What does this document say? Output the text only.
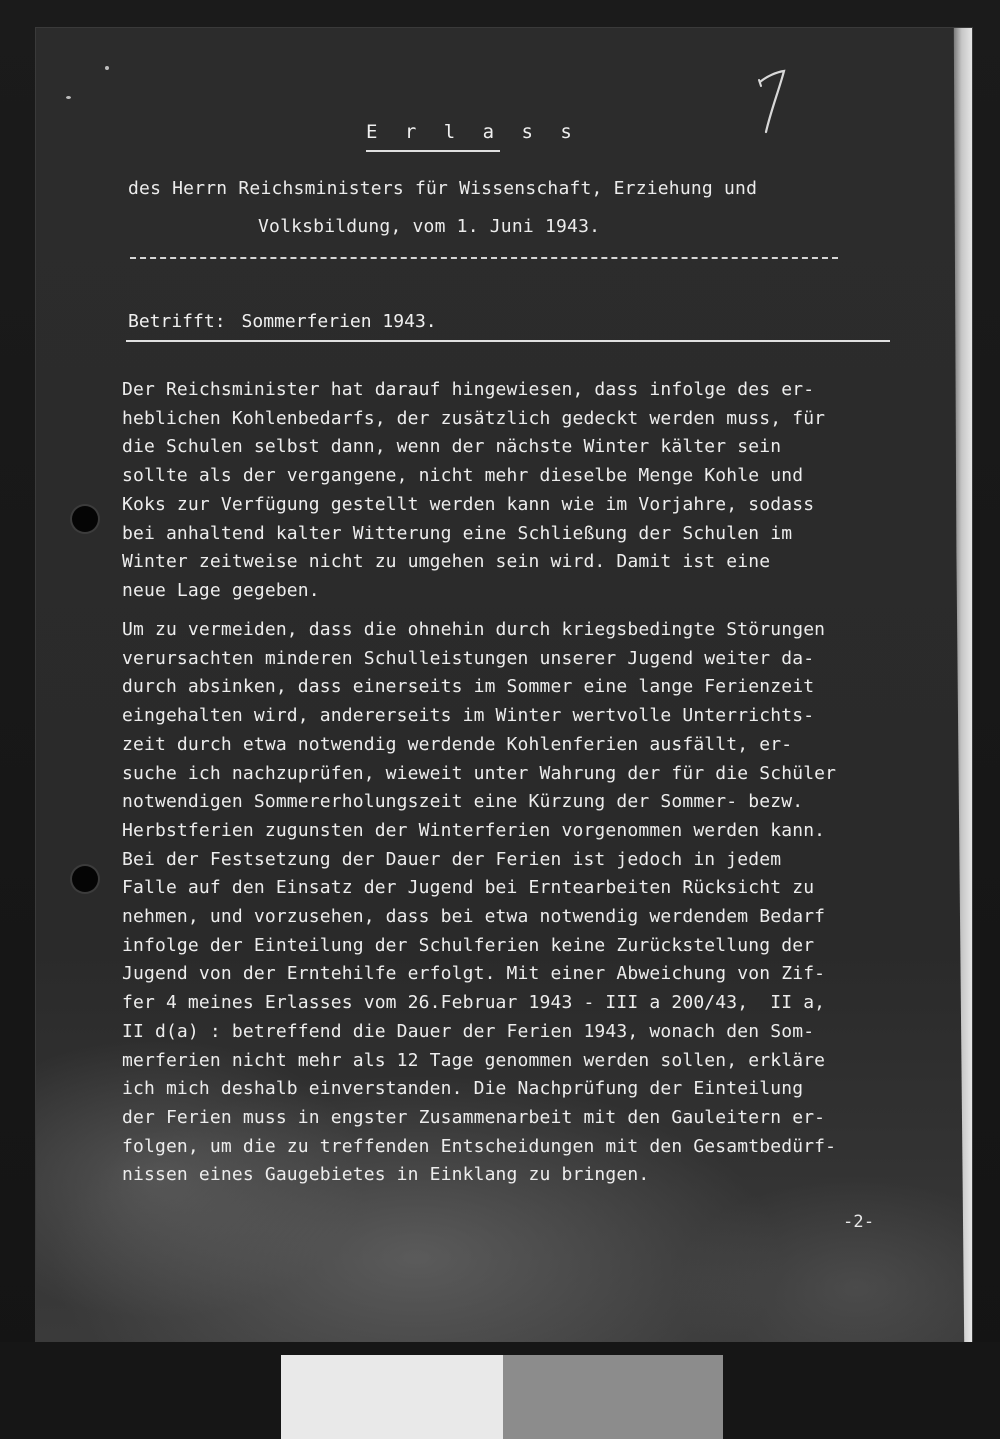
E r l a s s
des Herrn Reichsministers für Wissenschaft, Erziehung und
Volksbildung, vom 1. Juni 1943.
Betrifft: Sommerferien 1943.
Der Reichsminister hat darauf hingewiesen, dass infolge des er-
heblichen Kohlenbedarfs, der zusätzlich gedeckt werden muss, für
die Schulen selbst dann, wenn der nächste Winter kälter sein
sollte als der vergangene, nicht mehr dieselbe Menge Kohle und
Koks zur Verfügung gestellt werden kann wie im Vorjahre, sodass
bei anhaltend kalter Witterung eine Schließung der Schulen im
Winter zeitweise nicht zu umgehen sein wird. Damit ist eine
neue Lage gegeben.
Um zu vermeiden, dass die ohnehin durch kriegsbedingte Störungen
verursachten minderen Schulleistungen unserer Jugend weiter da-
durch absinken, dass einerseits im Sommer eine lange Ferienzeit
eingehalten wird, andererseits im Winter wertvolle Unterrichts-
zeit durch etwa notwendig werdende Kohlenferien ausfällt, er-
suche ich nachzuprüfen, wieweit unter Wahrung der für die Schüler
notwendigen Sommererholungszeit eine Kürzung der Sommer- bezw.
Herbstferien zugunsten der Winterferien vorgenommen werden kann.
Bei der Festsetzung der Dauer der Ferien ist jedoch in jedem
Falle auf den Einsatz der Jugend bei Erntearbeiten Rücksicht zu
nehmen, und vorzusehen, dass bei etwa notwendig werdendem Bedarf
infolge der Einteilung der Schulferien keine Zurückstellung der
Jugend von der Erntehilfe erfolgt. Mit einer Abweichung von Zif-
fer 4 meines Erlasses vom 26.Februar 1943 - III a 200/43,  II a,
II d(a) : betreffend die Dauer der Ferien 1943, wonach den Som-
merferien nicht mehr als 12 Tage genommen werden sollen, erkläre
ich mich deshalb einverstanden. Die Nachprüfung der Einteilung
der Ferien muss in engster Zusammenarbeit mit den Gauleitern er-
folgen, um die zu treffenden Entscheidungen mit den Gesamtbedürf-
nissen eines Gaugebietes in Einklang zu bringen.
-2-
